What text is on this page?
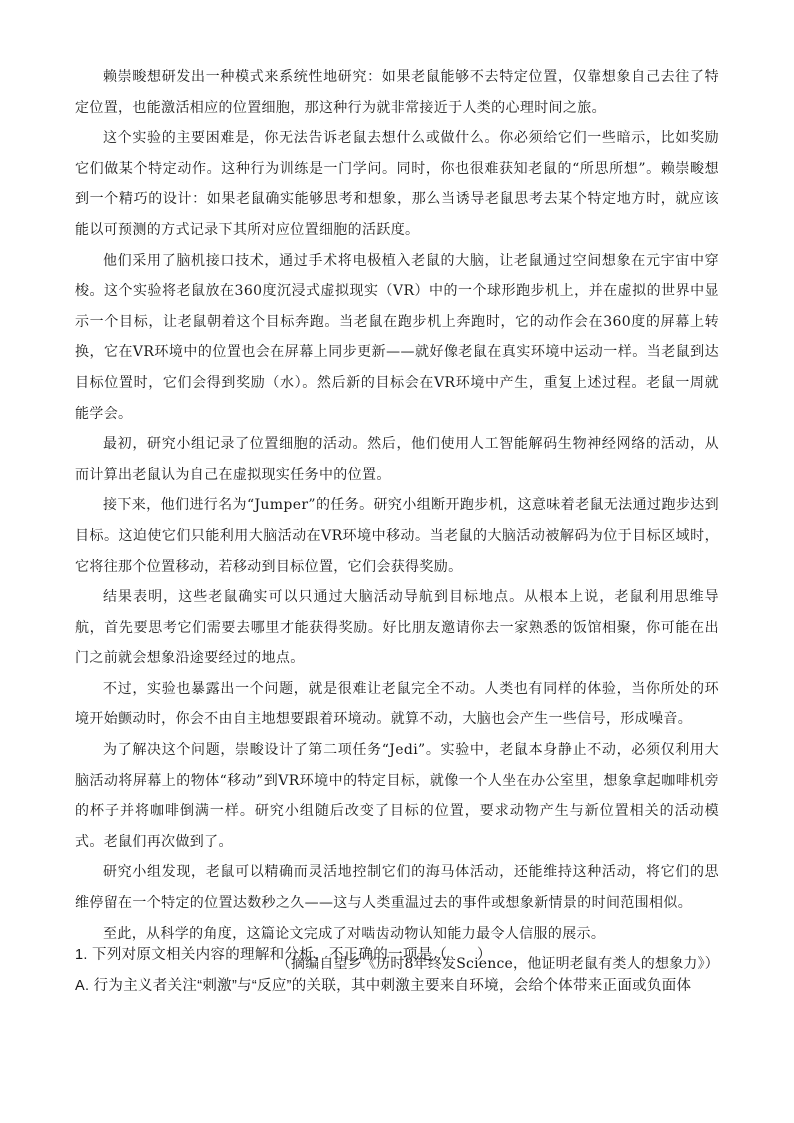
赖崇畯想研发出一种模式来系统性地研究：如果老鼠能够不去特定位置，仅靠想象自己去往了特定位置，也能激活相应的位置细胞，那这种行为就非常接近于人类的心理时间之旅。

这个实验的主要困难是，你无法告诉老鼠去想什么或做什么。你必须给它们一些暗示，比如奖励它们做某个特定动作。这种行为训练是一门学问。同时，你也很难获知老鼠的“所思所想”。赖崇畯想到一个精巧的设计：如果老鼠确实能够思考和想象，那么当诱导老鼠思考去某个特定地方时，就应该能以可预测的方式记录下其所对应位置细胞的活跃度。

他们采用了脑机接口技术，通过手术将电极植入老鼠的大脑，让老鼠通过空间想象在元宇宙中穿梭。这个实验将老鼠放在360度沉浸式虚拟现实（VR）中的一个球形跑步机上，并在虚拟的世界中显示一个目标，让老鼠朝着这个目标奔跑。当老鼠在跑步机上奔跑时，它的动作会在360度的屏幕上转换，它在VR环境中的位置也会在屏幕上同步更新——就好像老鼠在真实环境中运动一样。当老鼠到达目标位置时，它们会得到奖励（水）。然后新的目标会在VR环境中产生，重复上述过程。老鼠一周就能学会。

最初，研究小组记录了位置细胞的活动。然后，他们使用人工智能解码生物神经网络的活动，从而计算出老鼠认为自己在虚拟现实任务中的位置。

接下来，他们进行名为“Jumper”的任务。研究小组断开跑步机，这意味着老鼠无法通过跑步达到目标。这迫使它们只能利用大脑活动在VR环境中移动。当老鼠的大脑活动被解码为位于目标区域时，它将往那个位置移动，若移动到目标位置，它们会获得奖励。

结果表明，这些老鼠确实可以只通过大脑活动导航到目标地点。从根本上说，老鼠利用思维导航，首先要思考它们需要去哪里才能获得奖励。好比朋友邀请你去一家熟悉的饭馆相聚，你可能在出门之前就会想象沿途要经过的地点。

不过，实验也暴露出一个问题，就是很难让老鼠完全不动。人类也有同样的体验，当你所处的环境开始颤动时，你会不由自主地想要跟着环境动。就算不动，大脑也会产生一些信号，形成噪音。

为了解决这个问题，崇畯设计了第二项任务“Jedi”。实验中，老鼠本身静止不动，必须仅利用大脑活动将屏幕上的物体“移动”到VR环境中的特定目标，就像一个人坐在办公室里，想象拿起咖啡机旁的杯子并将咖啡倒满一样。研究小组随后改变了目标的位置，要求动物产生与新位置相关的活动模式。老鼠们再次做到了。

研究小组发现，老鼠可以精确而灵活地控制它们的海马体活动，还能维持这种活动，将它们的思维停留在一个特定的位置达数秒之久——这与人类重温过去的事件或想象新情景的时间范围相似。

至此，从科学的角度，这篇论文完成了对啮齿动物认知能力最令人信服的展示。

（摘编自望乡《历时8年终发Science，他证明老鼠有类人的想象力》）

1. 下列对原文相关内容的理解和分析，不正确的一项是（　　）

A. 行为主义者关注“刺激”与“反应”的关联，其中刺激主要来自环境，会给个体带来正面或负面体
